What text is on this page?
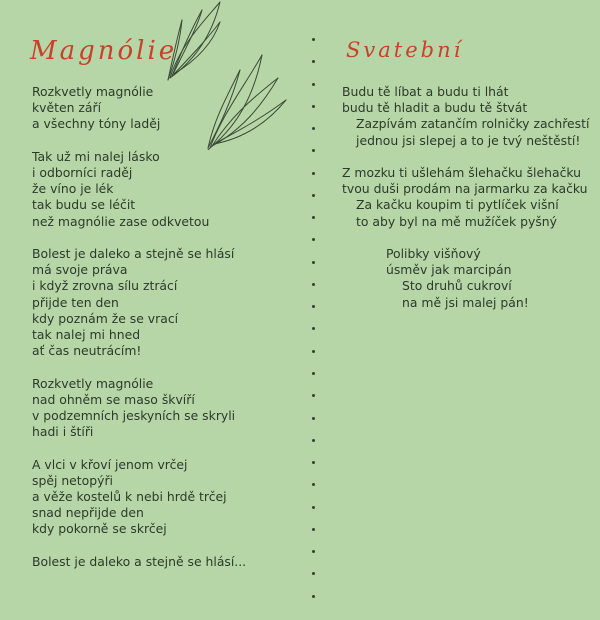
Magnólie	Svatební
Rozkvetly magnólie
květen září
a všechny tóny laděj
Tak už mi nalej lásko
i odborníci raděj
že víno je lék
tak budu se léčit
než magnólie zase odkvetou
Bolest je daleko a stejně se hlásí
má svoje práva
i když zrovna sílu ztrácí
přijde ten den
kdy poznám že se vrací
tak nalej mi hned
ať čas neutrácím!
Rozkvetly magnólie
nad ohněm se maso škvíří
v podzemních jeskyních se skryli
hadi i štíři
A vlci v křoví jenom vrčej
spěj netopýři
a věže kostelů k nebi hrdě trčej
snad nepřijde den
kdy pokorně se skrčej
Bolest je daleko a stejně se hlásí...
Budu tě líbat a budu ti lhát
budu tě hladit a budu tě štvát
Zazpívám zatančím rolničky zachřestí
jednou jsi slepej a to je tvý neštěstí!
Z mozku ti ušlehám šlehačku šlehačku
tvou duši prodám na jarmarku za kačku
Za kačku koupim ti pytlíček višní
to aby byl na mě mužíček pyšný
Polibky višňový
úsměv jak marcipán
Sto druhů cukroví
na mě jsi malej pán!
